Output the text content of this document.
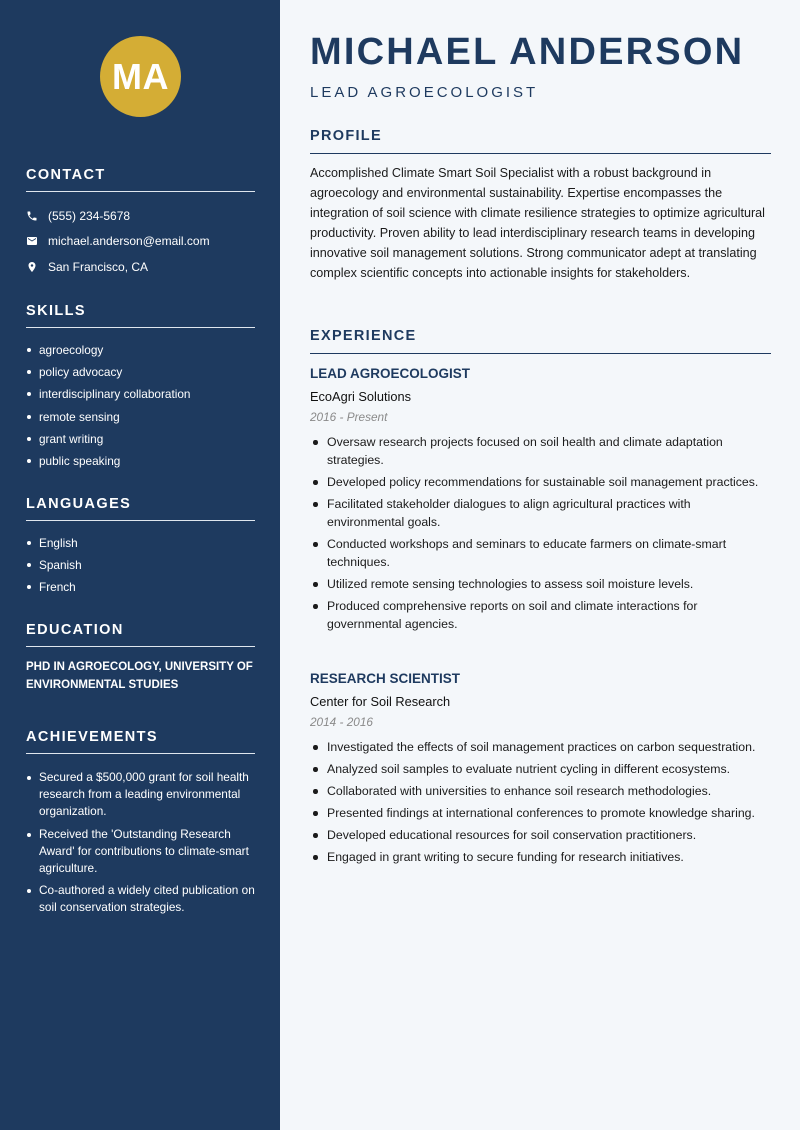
MA
CONTACT
(555) 234-5678
michael.anderson@email.com
San Francisco, CA
SKILLS
agroecology
policy advocacy
interdisciplinary collaboration
remote sensing
grant writing
public speaking
LANGUAGES
English
Spanish
French
EDUCATION

PHD IN AGROECOLOGY, UNIVERSITY OF ENVIRONMENTAL STUDIES

ACHIEVEMENTS
Secured a $500,000 grant for soil health research from a leading environmental organization.
Received the 'Outstanding Research Award' for contributions to climate-smart agriculture.
Co-authored a widely cited publication on soil conservation strategies.
MICHAEL ANDERSON
LEAD AGROECOLOGIST
PROFILE

Accomplished Climate Smart Soil Specialist with a robust background in agroecology and environmental sustainability. Expertise encompasses the integration of soil science with climate resilience strategies to optimize agricultural productivity. Proven ability to lead interdisciplinary research teams in developing innovative soil management solutions. Strong communicator adept at translating complex scientific concepts into actionable insights for stakeholders.

EXPERIENCE
LEAD AGROECOLOGIST
EcoAgri Solutions
2016 - Present
Oversaw research projects focused on soil health and climate adaptation strategies.
Developed policy recommendations for sustainable soil management practices.
Facilitated stakeholder dialogues to align agricultural practices with environmental goals.
Conducted workshops and seminars to educate farmers on climate-smart techniques.
Utilized remote sensing technologies to assess soil moisture levels.
Produced comprehensive reports on soil and climate interactions for governmental agencies.
RESEARCH SCIENTIST
Center for Soil Research
2014 - 2016
Investigated the effects of soil management practices on carbon sequestration.
Analyzed soil samples to evaluate nutrient cycling in different ecosystems.
Collaborated with universities to enhance soil research methodologies.
Presented findings at international conferences to promote knowledge sharing.
Developed educational resources for soil conservation practitioners.
Engaged in grant writing to secure funding for research initiatives.
